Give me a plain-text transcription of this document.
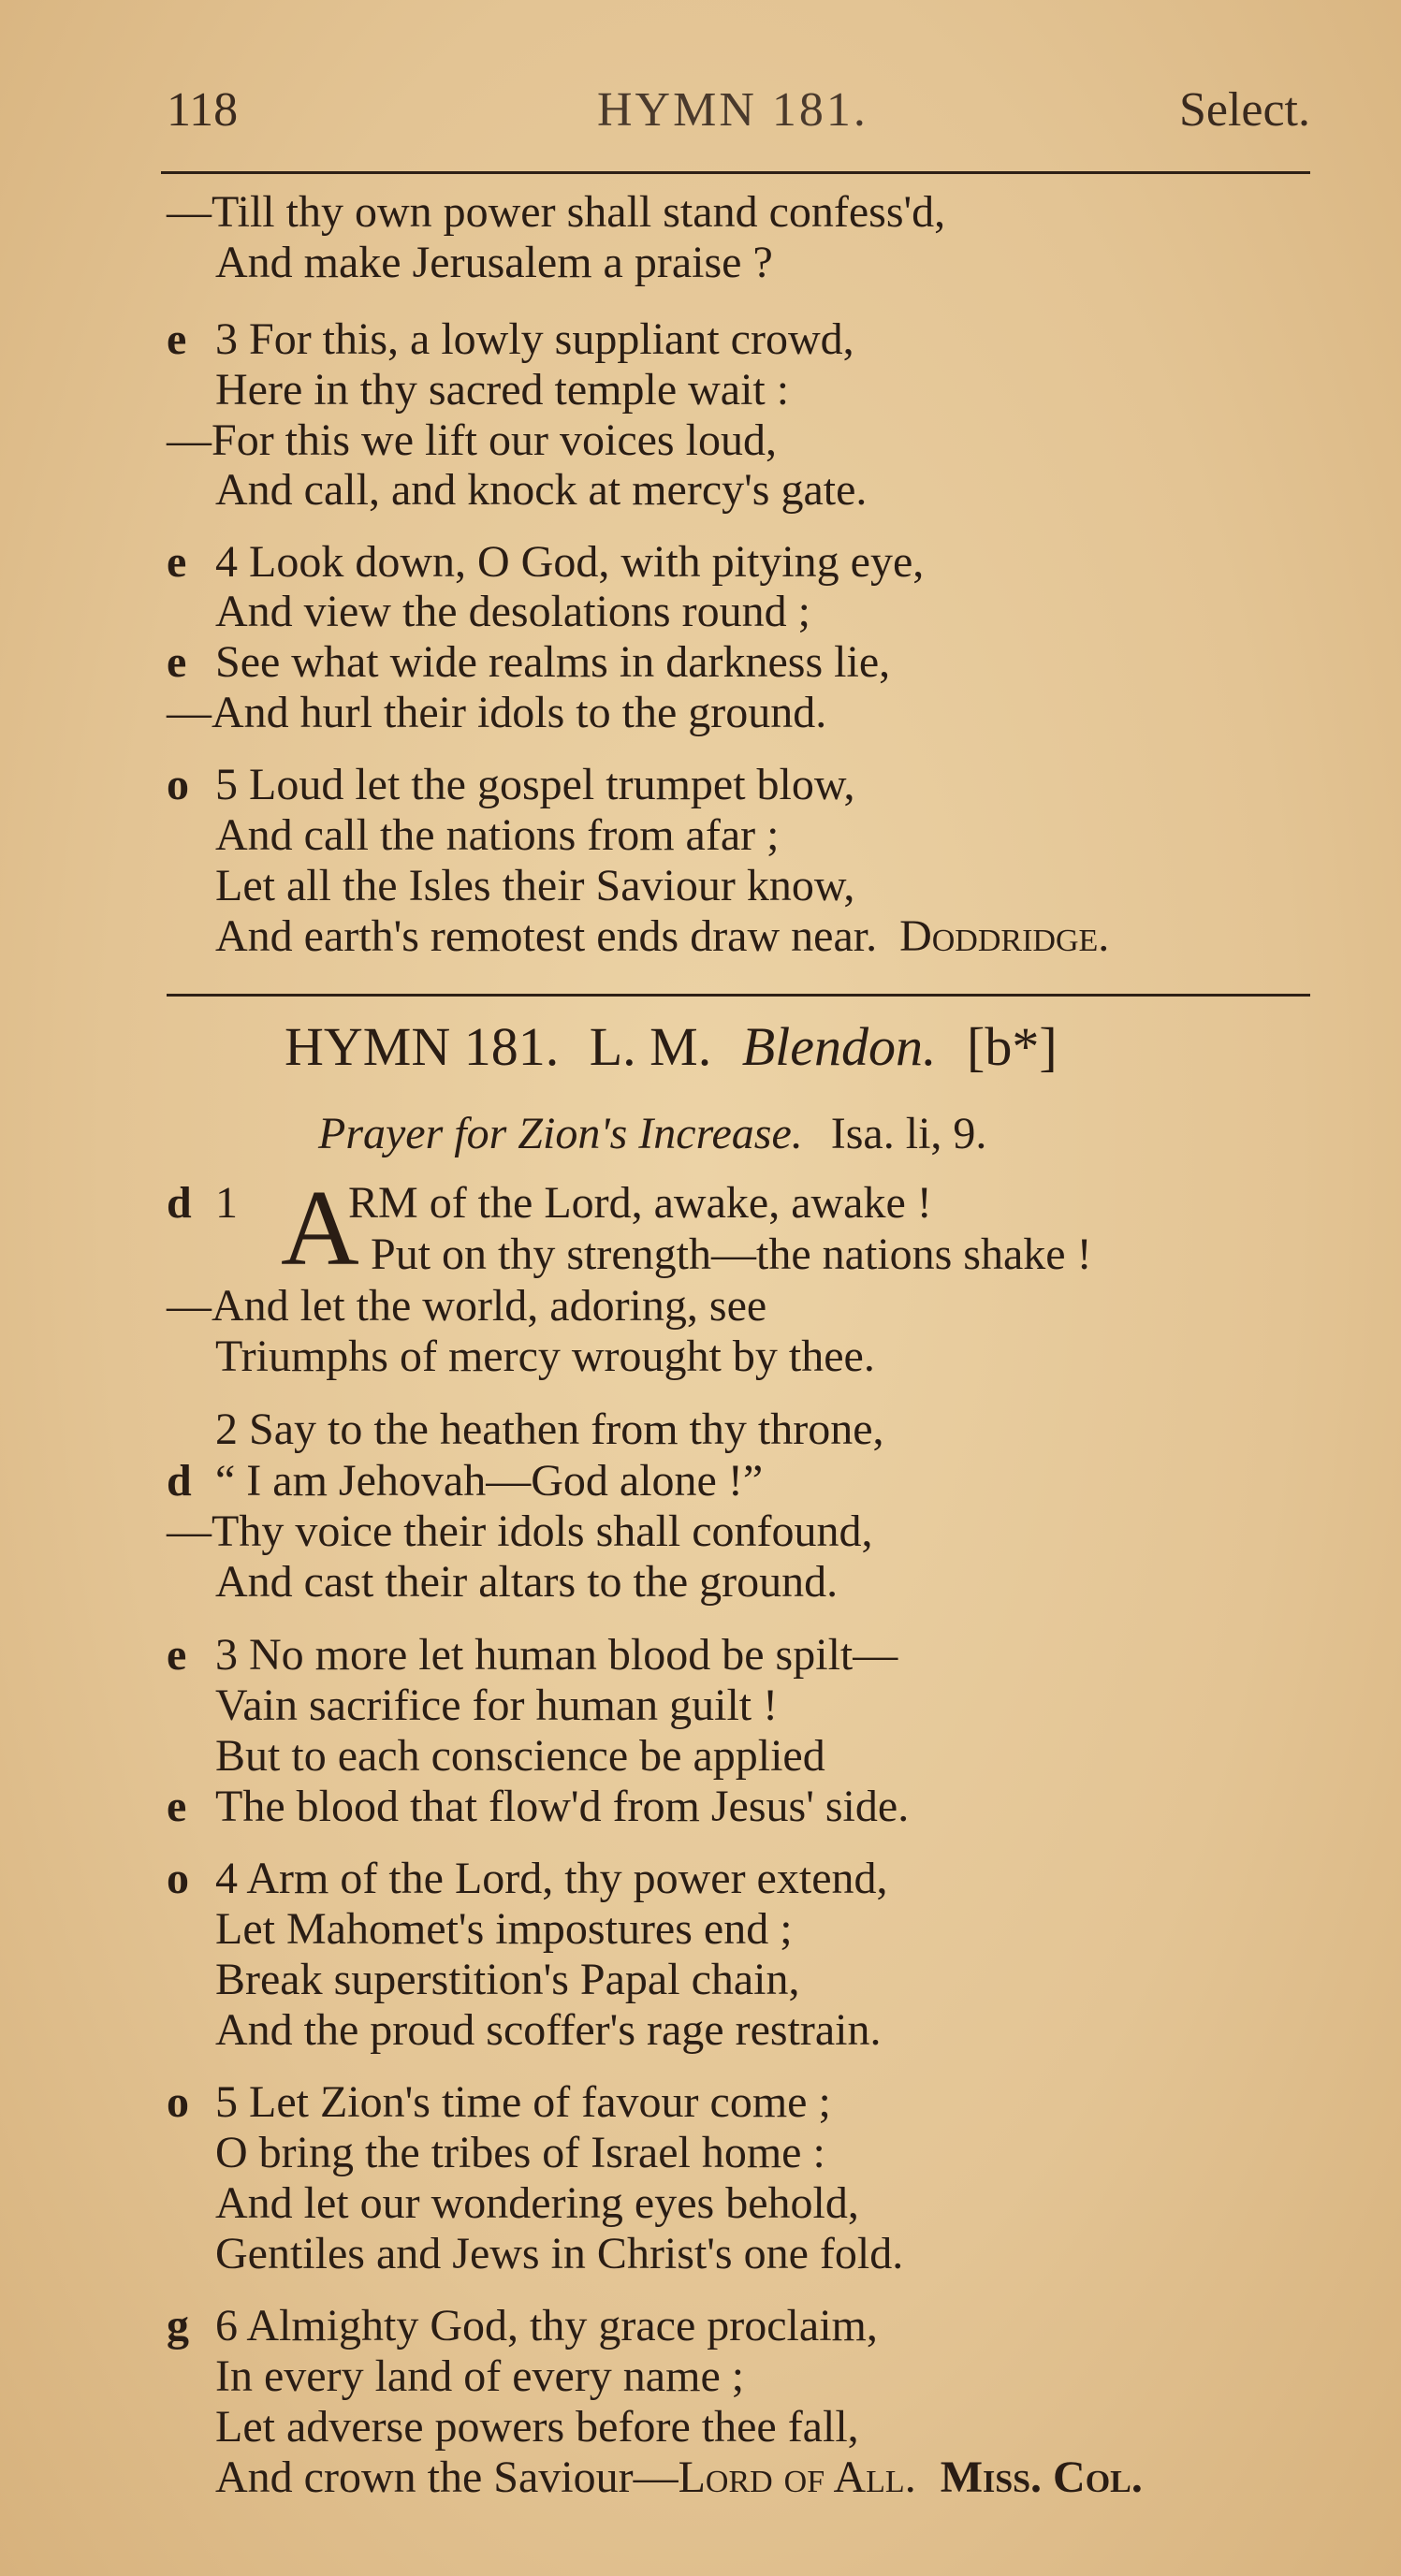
118	HYMN 181.	Select.
—Till thy own power shall stand confess'd,
And make Jerusalem a praise ?
e 3 For this, a lowly suppliant crowd,
Here in thy sacred temple wait :
—For this we lift our voices loud,
And call, and knock at mercy's gate.
e 4 Look down, O God, with pitying eye,
And view the desolations round ;
e See what wide realms in darkness lie,
—And hurl their idols to the ground.
o 5 Loud let the gospel trumpet blow,
And call the nations from afar ;
Let all the Isles their Saviour know,
And earth's remotest ends draw near. Doddridge.
HYMN 181. L. M. Blendon. [b*]
Prayer for Zion's Increase. Isa. li, 9.
d 1 A
RM of the Lord, awake, awake !
Put on thy strength—the nations shake !
—And let the world, adoring, see
Triumphs of mercy wrought by thee.
2 Say to the heathen from thy throne,
d “ I am Jehovah—God alone !”
—Thy voice their idols shall confound,
And cast their altars to the ground.
e 3 No more let human blood be spilt—
Vain sacrifice for human guilt !
But to each conscience be applied
e The blood that flow'd from Jesus' side.
o 4 Arm of the Lord, thy power extend,
Let Mahomet's impostures end ;
Break superstition's Papal chain,
And the proud scoffer's rage restrain.
o 5 Let Zion's time of favour come ;
O bring the tribes of Israel home :
And let our wondering eyes behold,
Gentiles and Jews in Christ's one fold.
g 6 Almighty God, thy grace proclaim,
In every land of every name ;
Let adverse powers before thee fall,
And crown the Saviour—Lord of All. Miss. Col.
